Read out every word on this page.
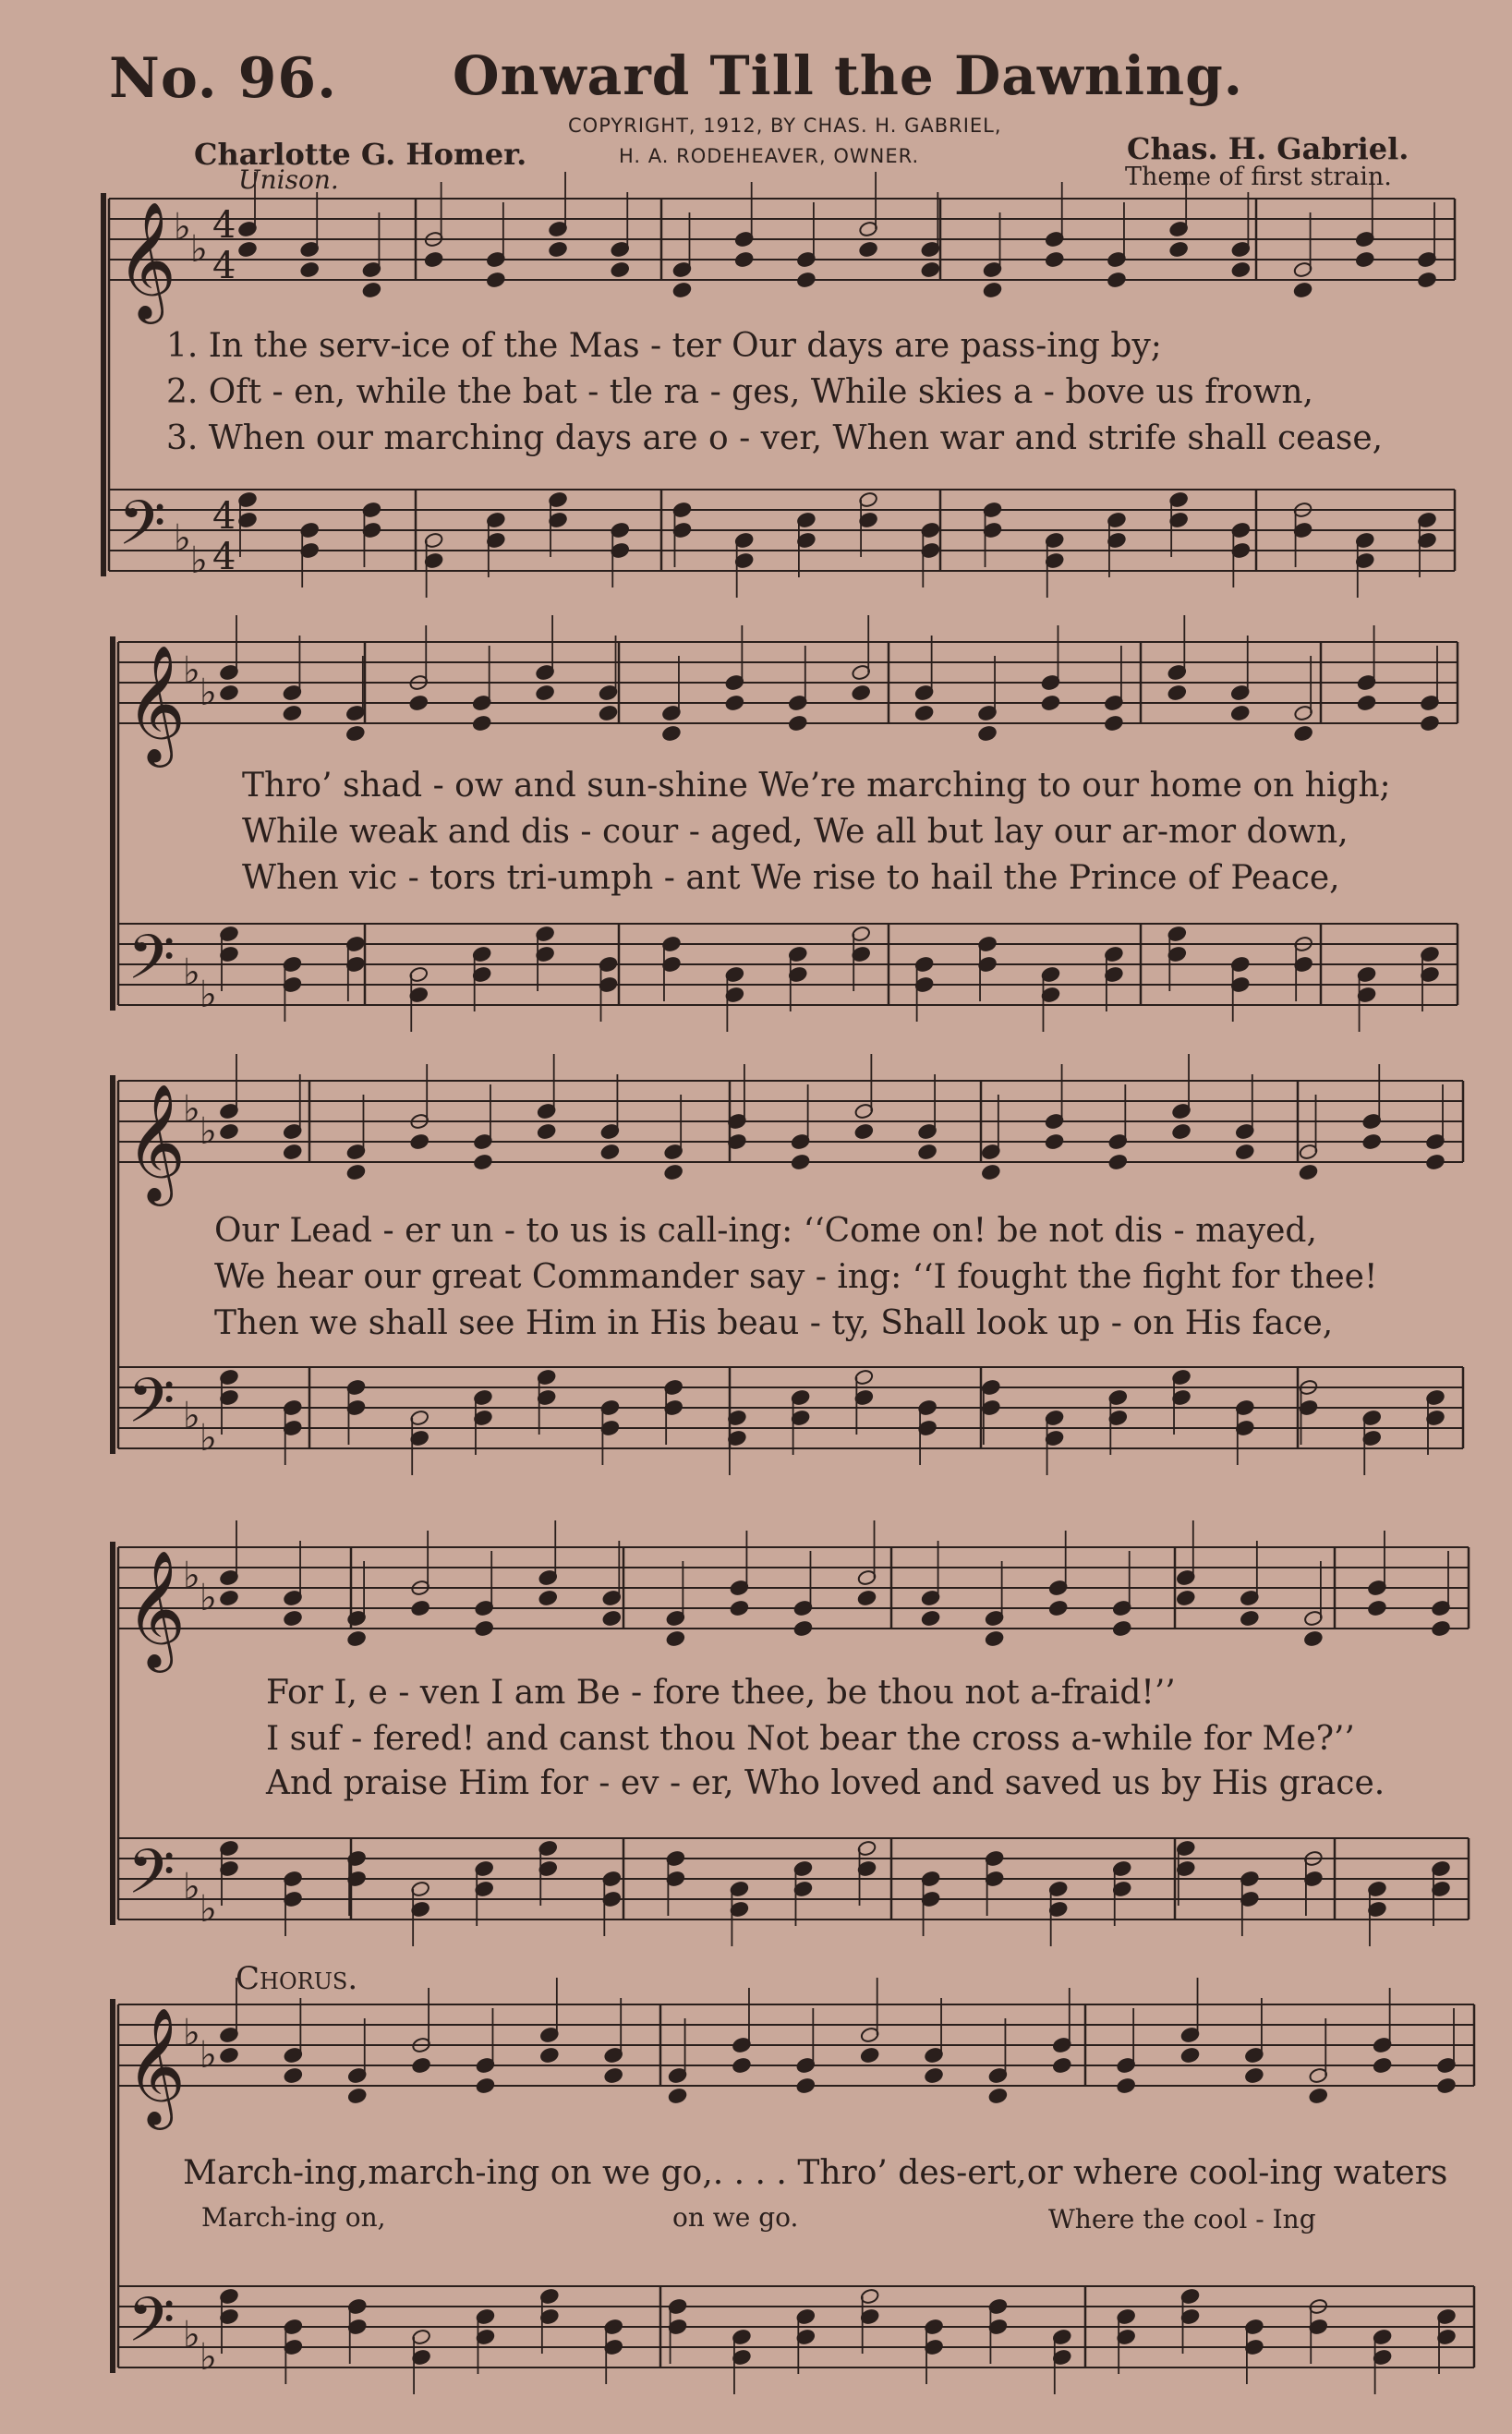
No. 96. Onward Till the Dawning.
COPYRIGHT, 1912, BY CHAS. H. GABRIEL,
H. A. RODEHEAVER, OWNER.
Charlotte G. Homer.	Chas. H. Gabriel.
Unison.	Theme of first strain.
𝄞
𝄢
♭
♭
♭
♭
4
4
4
4
𝄞
𝄢
♭
♭
♭
♭
𝄞
𝄢
♭
♭
♭
♭
𝄞
𝄢
♭
♭
♭
♭
𝄞
𝄢
♭
♭
♭
♭
1. In the serv-ice of the Mas - ter Our days are pass-ing by;
2. Oft - en, while the bat - tle ra - ges, While skies a - bove us frown,
3. When our marching days are o - ver, When war and strife shall cease,
Thro’ shad - ow and sun-shine We’re marching to our home on high;
While weak and dis - cour - aged, We all but lay our ar-mor down,
When vic - tors tri-umph - ant We rise to hail the Prince of Peace,
Our Lead - er un - to us is call-ing: ‘‘Come on! be not dis - mayed,
We hear our great Commander say - ing: ‘‘I fought the fight for thee!
Then we shall see Him in His beau - ty, Shall look up - on His face,
For I, e - ven I am Be - fore thee, be thou not a-fraid!’’
I suf - fered! and canst thou Not bear the cross a-while for Me?’’
And praise Him for - ev - er, Who loved and saved us by His grace.
Chorus.
March-ing,march-ing on we go,. . . . Thro’ des-ert,or where cool-ing waters
March-ing on,	on we go.	Where the cool - Ing
